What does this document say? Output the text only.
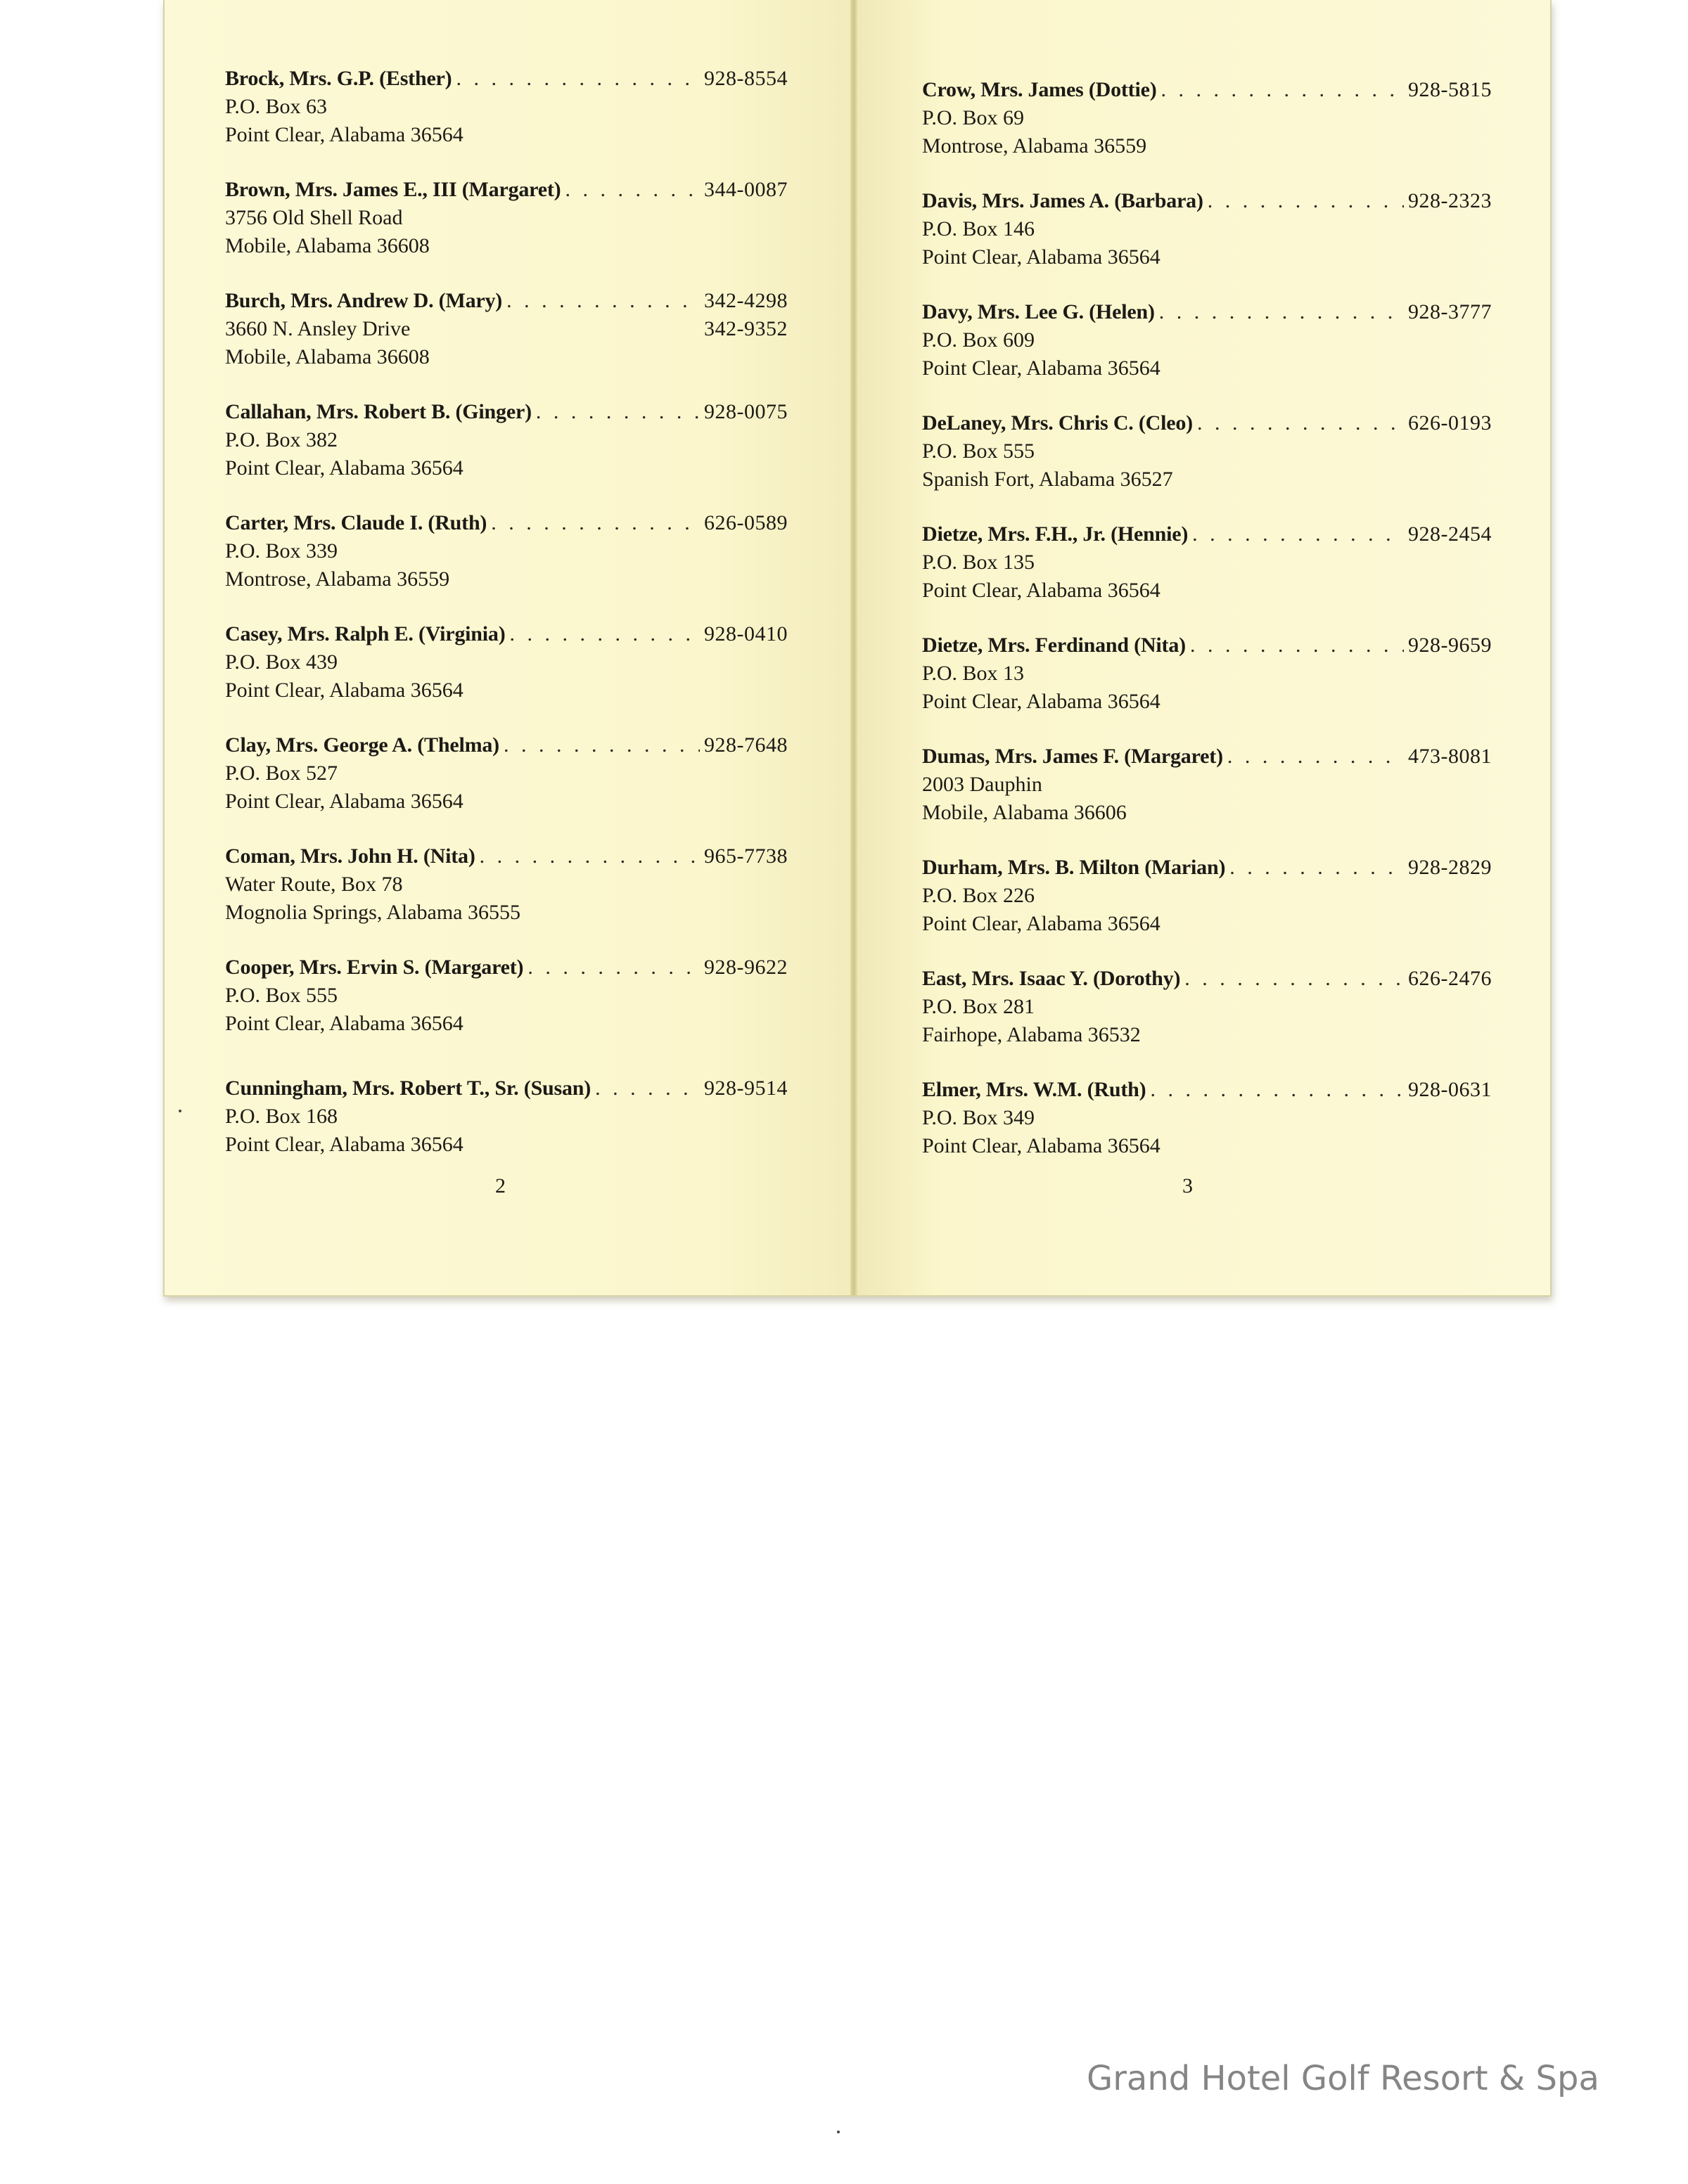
Brock, Mrs. G.P. (Esther) . . .	928-8554
P.O. Box 63
Point Clear, Alabama 36564
Brown, Mrs. James E., III (Margaret) . . .	344-0087
3756 Old Shell Road
Mobile, Alabama 36608
Burch, Mrs. Andrew D. (Mary) . . .	342-4298
3660 N. Ansley Drive	342-9352
Mobile, Alabama 36608
Callahan, Mrs. Robert B. (Ginger) . . .	928-0075
P.O. Box 382
Point Clear, Alabama 36564
Carter, Mrs. Claude I. (Ruth) . . .	626-0589
P.O. Box 339
Montrose, Alabama 36559
Casey, Mrs. Ralph E. (Virginia) . . .	928-0410
P.O. Box 439
Point Clear, Alabama 36564
Clay, Mrs. George A. (Thelma) . . .	928-7648
P.O. Box 527
Point Clear, Alabama 36564
Coman, Mrs. John H. (Nita) . . .	965-7738
Water Route, Box 78
Mognolia Springs, Alabama 36555
Cooper, Mrs. Ervin S. (Margaret) . . .	928-9622
P.O. Box 555
Point Clear, Alabama 36564
Cunningham, Mrs. Robert T., Sr. (Susan) . . .	928-9514
P.O. Box 168
Point Clear, Alabama 36564
2
Crow, Mrs. James (Dottie) . . .	928-5815
P.O. Box 69
Montrose, Alabama 36559
Davis, Mrs. James A. (Barbara) . . .	928-2323
P.O. Box 146
Point Clear, Alabama 36564
Davy, Mrs. Lee G. (Helen) . . .	928-3777
P.O. Box 609
Point Clear, Alabama 36564
DeLaney, Mrs. Chris C. (Cleo) . . .	626-0193
P.O. Box 555
Spanish Fort, Alabama 36527
Dietze, Mrs. F.H., Jr. (Hennie) . . .	928-2454
P.O. Box 135
Point Clear, Alabama 36564
Dietze, Mrs. Ferdinand (Nita) . . .	928-9659
P.O. Box 13
Point Clear, Alabama 36564
Dumas, Mrs. James F. (Margaret) . . .	473-8081
2003 Dauphin
Mobile, Alabama 36606
Durham, Mrs. B. Milton (Marian) . . .	928-2829
P.O. Box 226
Point Clear, Alabama 36564
East, Mrs. Isaac Y. (Dorothy) . . .	626-2476
P.O. Box 281
Fairhope, Alabama 36532
Elmer, Mrs. W.M. (Ruth) . . .	928-0631
P.O. Box 349
Point Clear, Alabama 36564
3
Grand Hotel Golf Resort & Spa
